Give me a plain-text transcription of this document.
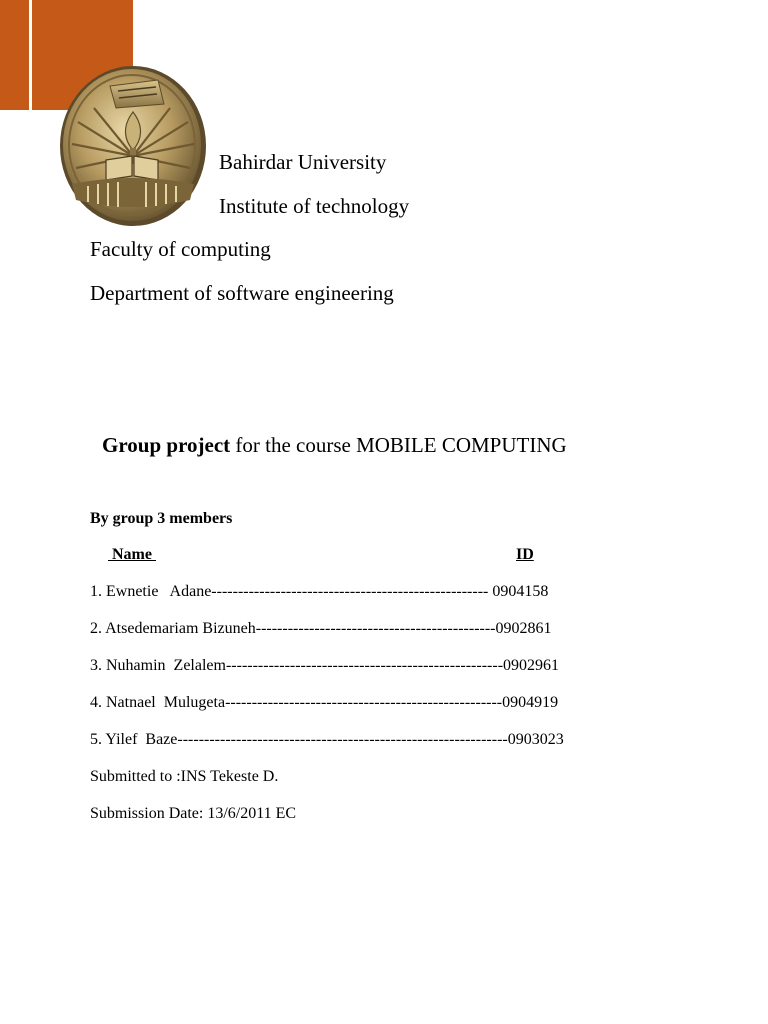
Bahirdar University
Institute of technology
Faculty of computing
Department of software engineering
Group project for the course MOBILE COMPUTING
By group 3 members
Name	ID
1. Ewnetie   Adane---------------------------------------------------- 0904158
2. Atsedemariam Bizuneh---------------------------------------------0902861
3. Nuhamin  Zelalem----------------------------------------------------0902961
4. Natnael  Mulugeta----------------------------------------------------0904919
5. Yilef  Baze--------------------------------------------------------------0903023
Submitted to :INS Tekeste D.
Submission Date: 13/6/2011 EC
